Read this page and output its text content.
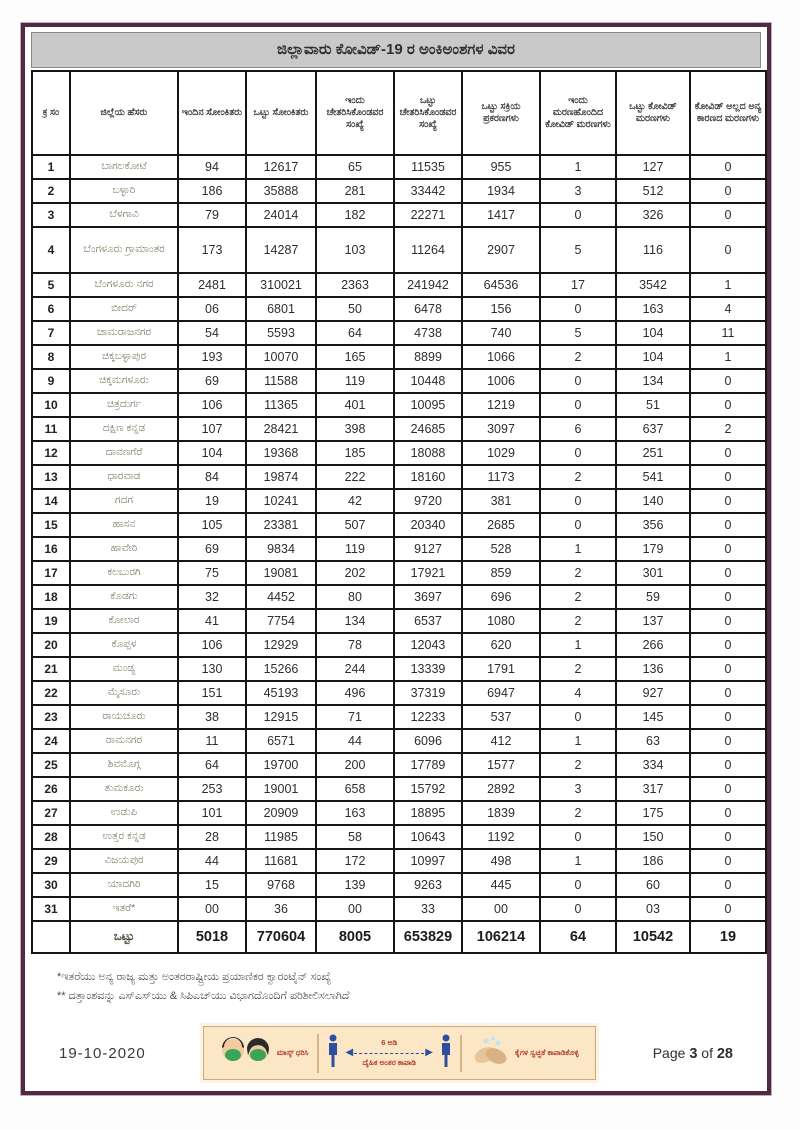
ಜಿಲ್ಲಾವಾರು ಕೋವಿಡ್-19 ರ ಅಂಕಿಅಂಶಗಳ ವಿವರ
ಕ್ರ ಸಂ	ಜಿಲ್ಲೆಯ ಹೆಸರು	ಇಂದಿನ ಸೋಂಕಿತರು	ಒಟ್ಟು ಸೋಂಕಿತರು	ಇಂದು ಚೇತರಿಸಿಕೊಂಡವರ ಸಂಖ್ಯೆ	ಒಟ್ಟು ಚೇತರಿಸಿಕೊಂಡವರ ಸಂಖ್ಯೆ	ಒಟ್ಟು ಸಕ್ರಿಯ ಪ್ರಕರಣಗಳು	ಇಂದು ಮರಣಹೊಂದಿದ ಕೋವಿಡ್ ಮರಣಗಳು	ಒಟ್ಟು ಕೋವಿಡ್ ಮರಣಗಳು	ಕೋವಿಡ್ ಅಲ್ಲದ ಅನ್ಯ ಕಾರಣದ ಮರಣಗಳು
1	ಬಾಗಲಕೋಟೆ	94	12617	65	11535	955	1	127	0
2	ಬಳ್ಳಾರಿ	186	35888	281	33442	1934	3	512	0
3	ಬೆಳಗಾವಿ	79	24014	182	22271	1417	0	326	0
4	ಬೆಂಗಳೂರು ಗ್ರಾಮಾಂತರ	173	14287	103	11264	2907	5	116	0
5	ಬೆಂಗಳೂರು ನಗರ	2481	310021	2363	241942	64536	17	3542	1
6	ಬೀದರ್	06	6801	50	6478	156	0	163	4
7	ಚಾಮರಾಜನಗರ	54	5593	64	4738	740	5	104	11
8	ಚಿಕ್ಕಬಳ್ಳಾಪುರ	193	10070	165	8899	1066	2	104	1
9	ಚಿಕ್ಕಮಗಳೂರು	69	11588	119	10448	1006	0	134	0
10	ಚಿತ್ರದುರ್ಗ	106	11365	401	10095	1219	0	51	0
11	ದಕ್ಷಿಣ ಕನ್ನಡ	107	28421	398	24685	3097	6	637	2
12	ದಾವಣಗೆರೆ	104	19368	185	18088	1029	0	251	0
13	ಧಾರವಾಡ	84	19874	222	18160	1173	2	541	0
14	ಗದಗ	19	10241	42	9720	381	0	140	0
15	ಹಾಸನ	105	23381	507	20340	2685	0	356	0
16	ಹಾವೇರಿ	69	9834	119	9127	528	1	179	0
17	ಕಲಬುರಗಿ	75	19081	202	17921	859	2	301	0
18	ಕೊಡಗು	32	4452	80	3697	696	2	59	0
19	ಕೋಲಾರ	41	7754	134	6537	1080	2	137	0
20	ಕೊಪ್ಪಳ	106	12929	78	12043	620	1	266	0
21	ಮಂಡ್ಯ	130	15266	244	13339	1791	2	136	0
22	ಮೈಸೂರು	151	45193	496	37319	6947	4	927	0
23	ರಾಯಚೂರು	38	12915	71	12233	537	0	145	0
24	ರಾಮನಗರ	11	6571	44	6096	412	1	63	0
25	ಶಿವಮೊಗ್ಗ	64	19700	200	17789	1577	2	334	0
26	ತುಮಕೂರು	253	19001	658	15792	2892	3	317	0
27	ಉಡುಪಿ	101	20909	163	18895	1839	2	175	0
28	ಉತ್ತರ ಕನ್ನಡ	28	11985	58	10643	1192	0	150	0
29	ವಿಜಯಪುರ	44	11681	172	10997	498	1	186	0
30	ಯಾದಗಿರಿ	15	9768	139	9263	445	0	60	0
31	ಇತರೆ*	00	36	00	33	00	0	03	0
	ಒಟ್ಟು	5018	770604	8005	653829	106214	64	10542	19
*ಇತರೆಯು ಅನ್ಯ ರಾಜ್ಯ ಮತ್ತು ಅಂತರರಾಷ್ಟ್ರೀಯ ಪ್ರಯಾಣಿಕರ ಕ್ವಾರಂಟೈನ್ ಸಂಖ್ಯೆ
** ದತ್ತಾಂಶವನ್ನು ಎಸ್‌ಎಸ್‌ಯು & ಸಿಪಿಎಚ್‌ಯು ವಿಭಾಗದೊಂದಿಗೆ ಪರಿಶೀಲಿಸಲಾಗಿದೆ
19-10-2020	ಮಾಸ್ಕ್ ಧರಿಸಿ
6 ಅಡಿ
◀	▶
ದೈಹಿಕ ಅಂತರ ಕಾಪಾಡಿ
ಕೈಗಳ ಸ್ವಚ್ಛತೆ ಕಾಪಾಡಿಕೊಳ್ಳಿ	Page 3 of 28
